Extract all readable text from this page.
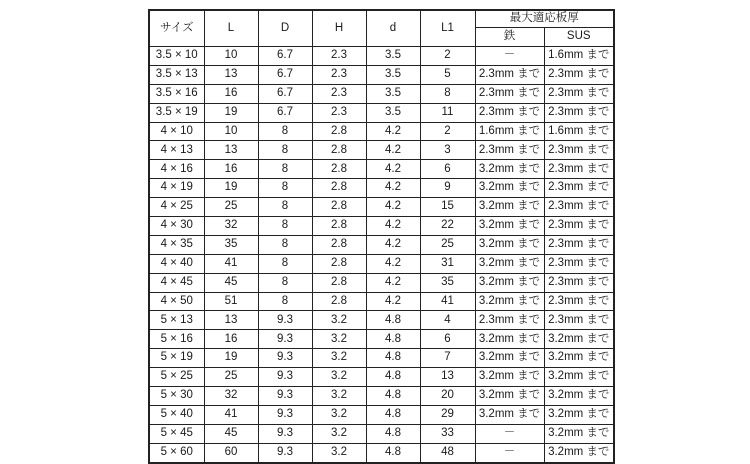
サイズ	L	D	H	d	L1	最大適応板厚	
						鉄	SUS
3.5 × 10	10	6.7	2.3	3.5	2	－	1.6mm まで
3.5 × 13	13	6.7	2.3	3.5	5	2.3mm まで	2.3mm まで
3.5 × 16	16	6.7	2.3	3.5	8	2.3mm まで	2.3mm まで
3.5 × 19	19	6.7	2.3	3.5	11	2.3mm まで	2.3mm まで
4 × 10	10	8	2.8	4.2	2	1.6mm まで	1.6mm まで
4 × 13	13	8	2.8	4.2	3	2.3mm まで	2.3mm まで
4 × 16	16	8	2.8	4.2	6	3.2mm まで	2.3mm まで
4 × 19	19	8	2.8	4.2	9	3.2mm まで	2.3mm まで
4 × 25	25	8	2.8	4.2	15	3.2mm まで	2.3mm まで
4 × 30	32	8	2.8	4.2	22	3.2mm まで	2.3mm まで
4 × 35	35	8	2.8	4.2	25	3.2mm まで	2.3mm まで
4 × 40	41	8	2.8	4.2	31	3.2mm まで	2.3mm まで
4 × 45	45	8	2.8	4.2	35	3.2mm まで	2.3mm まで
4 × 50	51	8	2.8	4.2	41	3.2mm まで	2.3mm まで
5 × 13	13	9.3	3.2	4.8	4	2.3mm まで	2.3mm まで
5 × 16	16	9.3	3.2	4.8	6	3.2mm まで	3.2mm まで
5 × 19	19	9.3	3.2	4.8	7	3.2mm まで	3.2mm まで
5 × 25	25	9.3	3.2	4.8	13	3.2mm まで	3.2mm まで
5 × 30	32	9.3	3.2	4.8	20	3.2mm まで	3.2mm まで
5 × 40	41	9.3	3.2	4.8	29	3.2mm まで	3.2mm まで
5 × 45	45	9.3	3.2	4.8	33	－	3.2mm まで
5 × 60	60	9.3	3.2	4.8	48	－	3.2mm まで
